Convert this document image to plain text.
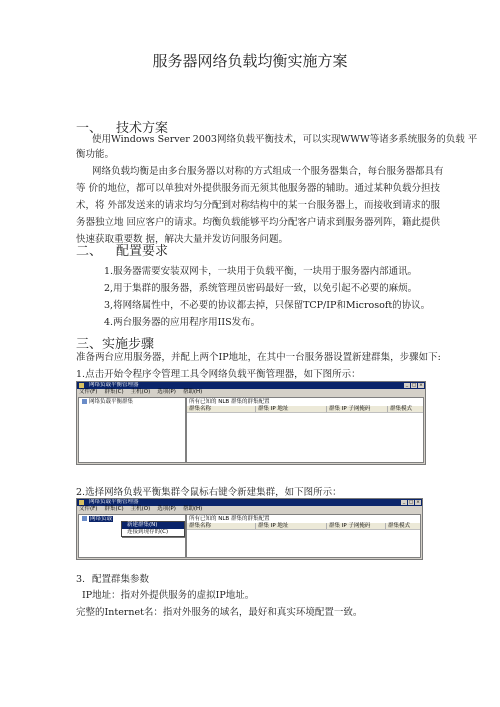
服务器网络负载均衡实施方案
一、 技术方案
使用Windows Server 2003网络负载平衡技术，可以实现WWW等诸多系统服务的负载 平
衡功能。
网络负载均衡是由多台服务器以对称的方式组成一个服务器集合，每台服务器都具有
等 价的地位，都可以单独对外提供服务而无须其他服务器的辅助。通过某种负载分担技
术，将 外部发送来的请求均匀分配到对称结构中的某一台服务器上，而接收到请求的服
务器独立地 回应客户的请求。均衡负载能够平均分配客户请求到服务器列阵，籍此提供
快速获取重要数 据，解决大量并发访问服务问题。
二、 配置要求
1.服务器需要安装双网卡，一块用于负载平衡，一块用于服务器内部通讯。
2,用于集群的服务器，系统管理员密码最好一致，以免引起不必要的麻烦。
3,将网络属性中，不必要的协议都去掉，只保留TCP/IP和Microsoft的协议。
4.两台服务器的应用程序用IIS发布。
三、实施步骤
准备两台应用服务器，并配上两个IP地址，在其中一台服务器设置新建群集，步骤如下:
1.点击开始令程序令管理工具令网络负载平衡管理器，如下图所示：
网络负载平衡管理器	_ □ ×
文件(F) 群集(C) 主机(O) 选项(P) 帮助(H)
网络负载平衡群集	所有已知的 NLB 群集的群集配置
群集名称	群集 IP 地址	群集 IP 子网掩码	群集模式
2.选择网络负载平衡集群令鼠标右键令新建集群，如下图所示：
网络负载平衡管理器	_ □ ×
文件(F) 群集(C) 主机(O) 选项(P) 帮助(H)
网络负载	所有已知的 NLB 群集的群集配置
群集名称	群集 IP 地址	群集 IP 子网掩码	群集模式
新建群集(N)
连接到现存的(C)
3. 配置群集参数
IP地址：指对外提供服务的虚拟IP地址。
完整的Internet名：指对外服务的域名，最好和真实环境配置一致。
